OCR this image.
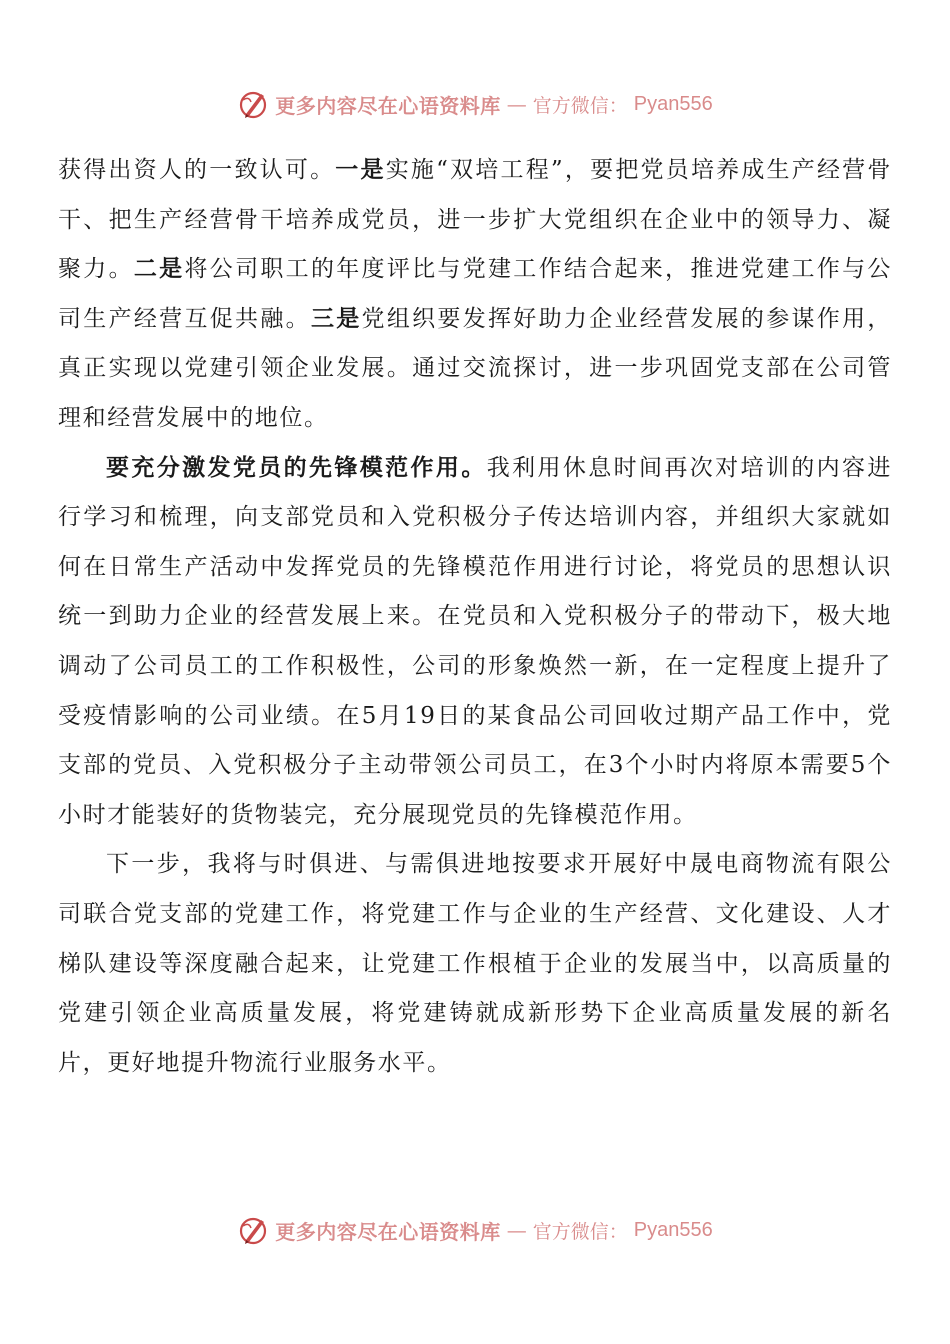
更多内容尽在心语资料库 — 官方微信： Pyan556

获得出资人的一致认可。一是实施“双培工程”，要把党员培养成生产经营骨干、把生产经营骨干培养成党员，进一步扩大党组织在企业中的领导力、凝聚力。二是将公司职工的年度评比与党建工作结合起来，推进党建工作与公司生产经营互促共融。三是党组织要发挥好助力企业经营发展的参谋作用，真正实现以党建引领企业发展。通过交流探讨，进一步巩固党支部在公司管理和经营发展中的地位。

要充分激发党员的先锋模范作用。我利用休息时间再次对培训的内容进行学习和梳理，向支部党员和入党积极分子传达培训内容，并组织大家就如何在日常生产活动中发挥党员的先锋模范作用进行讨论，将党员的思想认识统一到助力企业的经营发展上来。在党员和入党积极分子的带动下，极大地调动了公司员工的工作积极性，公司的形象焕然一新，在一定程度上提升了受疫情影响的公司业绩。在5月19日的某食品公司回收过期产品工作中，党支部的党员、入党积极分子主动带领公司员工，在3个小时内将原本需要5个小时才能装好的货物装完，充分展现党员的先锋模范作用。

下一步，我将与时俱进、与需俱进地按要求开展好中晟电商物流有限公司联合党支部的党建工作，将党建工作与企业的生产经营、文化建设、人才梯队建设等深度融合起来，让党建工作根植于企业的发展当中，以高质量的党建引领企业高质量发展，将党建铸就成新形势下企业高质量发展的新名片，更好地提升物流行业服务水平。

更多内容尽在心语资料库 — 官方微信： Pyan556
